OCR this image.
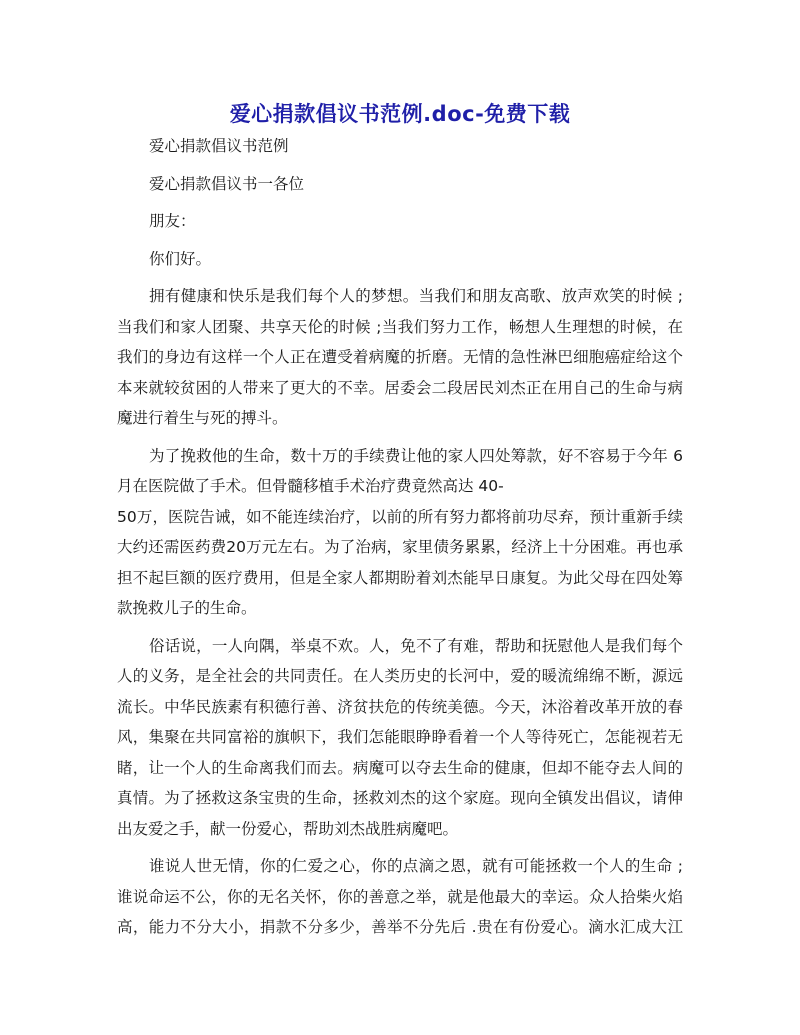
爱心捐款倡议书范例.doc-免费下载
爱心捐款倡议书范例
爱心捐款倡议书一各位
朋友：
你们好。
拥有健康和快乐是我们每个人的梦想。当我们和朋友高歌、放声欢笑的时候 ;
当我们和家人团聚、共享天伦的时候 ;当我们努力工作，畅想人生理想的时候，在
我们的身边有这样一个人正在遭受着病魔的折磨。无情的急性淋巴细胞癌症给这个
本来就较贫困的人带来了更大的不幸。居委会二段居民刘杰正在用自己的生命与病
魔进行着生与死的搏斗。
为了挽救他的生命，数十万的手续费让他的家人四处筹款，好不容易于今年 6
月在医院做了手术。但骨髓移植手术治疗费竟然高达 40-
50万，医院告诫，如不能连续治疗，以前的所有努力都将前功尽弃，预计重新手续
大约还需医药费20万元左右。为了治病，家里债务累累，经济上十分困难。再也承
担不起巨额的医疗费用，但是全家人都期盼着刘杰能早日康复。为此父母在四处筹
款挽救儿子的生命。
俗话说，一人向隅，举桌不欢。人，免不了有难，帮助和抚慰他人是我们每个
人的义务，是全社会的共同责任。在人类历史的长河中，爱的暖流绵绵不断，源远
流长。中华民族素有积德行善、济贫扶危的传统美德。今天，沐浴着改革开放的春
风，集聚在共同富裕的旗帜下，我们怎能眼睁睁看着一个人等待死亡，怎能视若无
睹，让一个人的生命离我们而去。病魔可以夺去生命的健康，但却不能夺去人间的
真情。为了拯救这条宝贵的生命，拯救刘杰的这个家庭。现向全镇发出倡议，请伸
出友爱之手，献一份爱心，帮助刘杰战胜病魔吧。
谁说人世无情，你的仁爱之心，你的点滴之恩，就有可能拯救一个人的生命 ;
谁说命运不公，你的无名关怀，你的善意之举，就是他最大的幸运。众人拾柴火焰
高，能力不分大小，捐款不分多少，善举不分先后 .贵在有份爱心。滴水汇成大江
